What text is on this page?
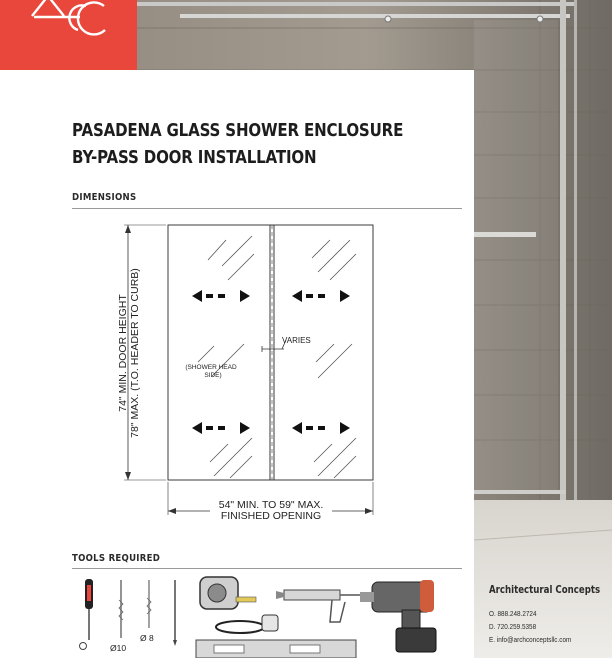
PASADENA GLASS SHOWER ENCLOSURE
BY-PASS DOOR INSTALLATION
DIMENSIONS
VARIES
(SHOWER HEAD
SIDE)
74" MIN. DOOR HEIGHT 78" MAX. (T.O. HEADER TO CURB)
54" MIN. TO 59" MAX.
FINISHED OPENING
TOOLS REQUIRED
Ø10
Ø 8
Architectural Concepts
O. 888.248.2724
D. 720.259.5358
E. info@archconceptsllc.com
